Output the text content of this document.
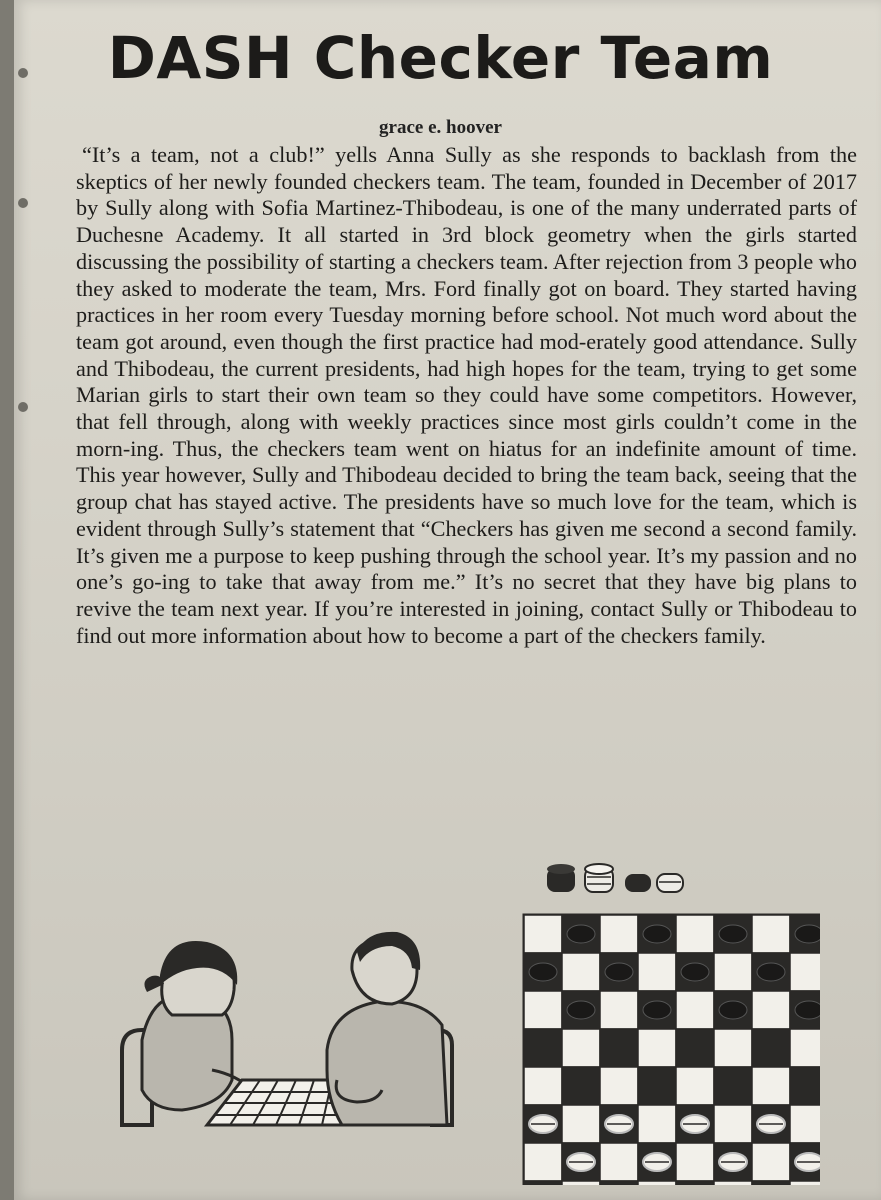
DASH Checker Team

grace e. hoover

“It’s a team, not a club!” yells Anna Sully as she responds to backlash from the skeptics of her newly founded checkers team. The team, founded in December of 2017 by Sully along with Sofia Martinez-Thibodeau, is one of the many underrated parts of Duchesne Academy. It all started in 3rd block geometry when the girls started discussing the possibility of starting a checkers team. After rejection from 3 people who they asked to moderate the team, Mrs. Ford finally got on board. They started having practices in her room every Tuesday morning before school. Not much word about the team got around, even though the first practice had mod-erately good attendance. Sully and Thibodeau, the current presidents, had high hopes for the team, trying to get some Marian girls to start their own team so they could have some competitors. However, that fell through, along with weekly practices since most girls couldn’t come in the morn-ing. Thus, the checkers team went on hiatus for an indefinite amount of time. This year however, Sully and Thibodeau decided to bring the team back, seeing that the group chat has stayed active. The presidents have so much love for the team, which is evident through Sully’s statement that “Checkers has given me second a second family. It’s given me a purpose to keep pushing through the school year. It’s my passion and no one’s go-ing to take that away from me.” It’s no secret that they have big plans to revive the team next year. If you’re interested in joining, contact Sully or Thibodeau to find out more information about how to become a part of the checkers family.
